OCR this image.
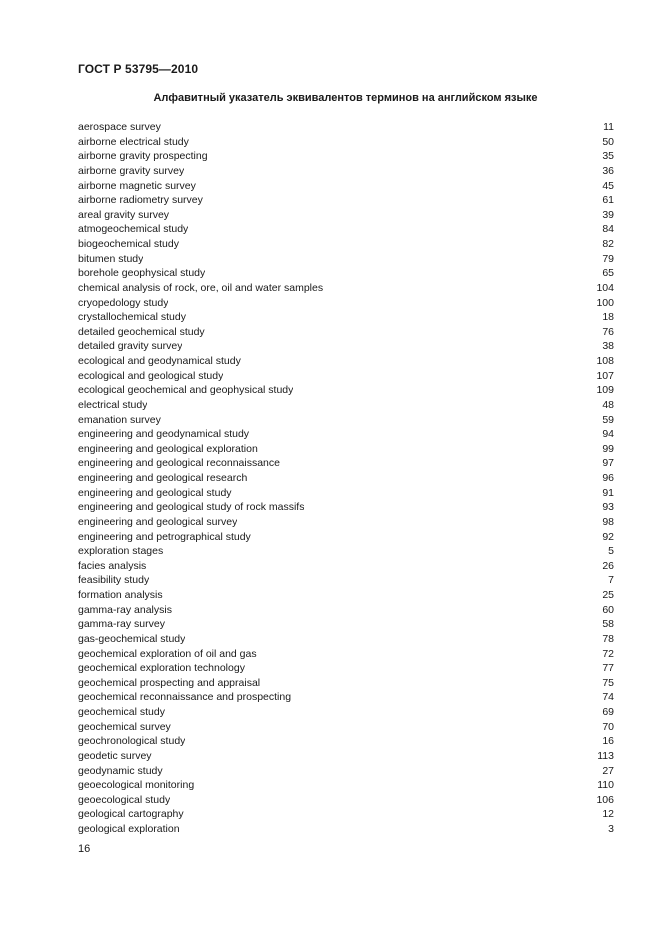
ГОСТ Р 53795—2010
Алфавитный указатель эквивалентов терминов на английском языке
aerospace survey	11
airborne electrical study	50
airborne gravity prospecting	35
airborne gravity survey	36
airborne magnetic survey	45
airborne radiometry survey	61
areal gravity survey	39
atmogeochemical study	84
biogeochemical study	82
bitumen study	79
borehole geophysical study	65
chemical analysis of rock, ore, oil and water samples	104
cryopedology study	100
crystallochemical study	18
detailed geochemical study	76
detailed gravity survey	38
ecological and geodynamical study	108
ecological and geological study	107
ecological geochemical and geophysical study	109
electrical study	48
emanation survey	59
engineering and geodynamical study	94
engineering and geological exploration	99
engineering and geological reconnaissance	97
engineering and geological research	96
engineering and geological study	91
engineering and geological study of rock massifs	93
engineering and geological survey	98
engineering and petrographical study	92
exploration stages	5
facies analysis	26
feasibility study	7
formation analysis	25
gamma-ray analysis	60
gamma-ray survey	58
gas-geochemical study	78
geochemical exploration of oil and gas	72
geochemical exploration technology	77
geochemical prospecting and appraisal	75
geochemical reconnaissance and prospecting	74
geochemical study	69
geochemical survey	70
geochronological study	16
geodetic survey	113
geodynamic study	27
geoecological monitoring	110
geoecological study	106
geological cartography	12
geological exploration	3
16
